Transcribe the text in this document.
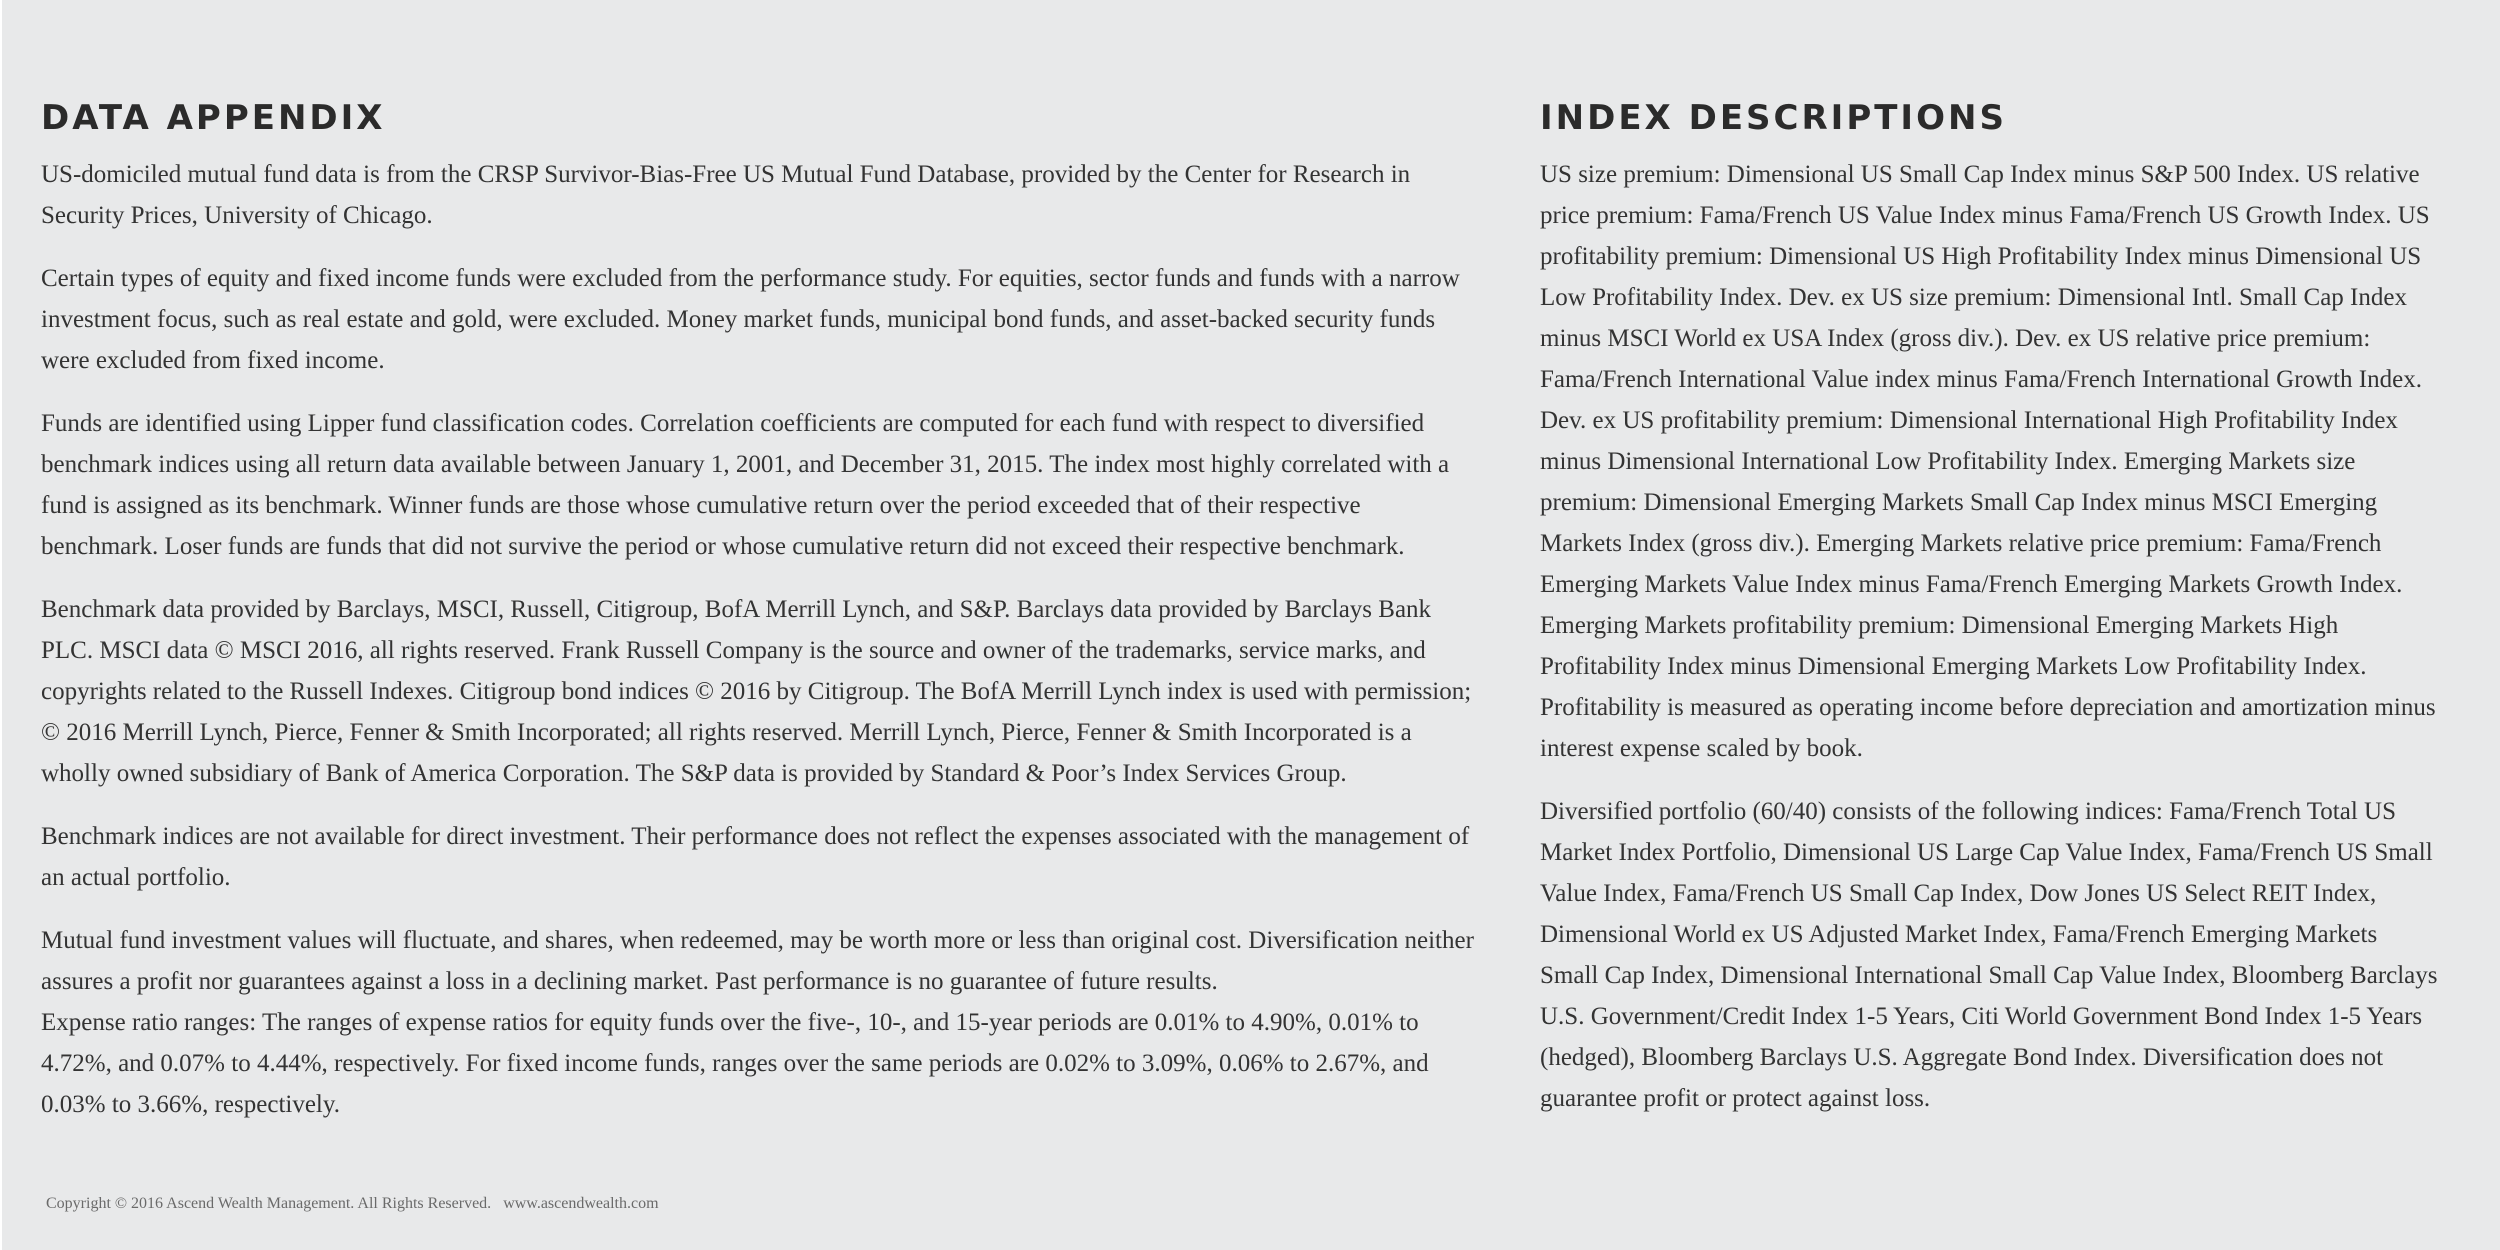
DATA APPENDIX

US-domiciled mutual fund data is from the CRSP Survivor-Bias-Free US Mutual Fund Database, provided by the Center for Research in Security Prices, University of Chicago.

Certain types of equity and fixed income funds were excluded from the performance study. For equities, sector funds and funds with a narrow investment focus, such as real estate and gold, were excluded. Money market funds, municipal bond funds, and asset-backed security funds were excluded from fixed income.

Funds are identified using Lipper fund classification codes. Correlation coefficients are computed for each fund with respect to diversified benchmark indices using all return data available between January 1, 2001, and December 31, 2015. The index most highly correlated with a fund is assigned as its benchmark. Winner funds are those whose cumulative return over the period exceeded that of their respective benchmark. Loser funds are funds that did not survive the period or whose cumulative return did not exceed their respective benchmark.

Benchmark data provided by Barclays, MSCI, Russell, Citigroup, BofA Merrill Lynch, and S&P. Barclays data provided by Barclays Bank PLC. MSCI data © MSCI 2016, all rights reserved. Frank Russell Company is the source and owner of the trademarks, service marks, and copyrights related to the Russell Indexes. Citigroup bond indices © 2016 by Citigroup. The BofA Merrill Lynch index is used with permission; © 2016 Merrill Lynch, Pierce, Fenner & Smith Incorporated; all rights reserved. Merrill Lynch, Pierce, Fenner & Smith Incorporated is a wholly owned subsidiary of Bank of America Corporation. The S&P data is provided by Standard & Poor’s Index Services Group.

Benchmark indices are not available for direct investment. Their performance does not reflect the expenses associated with the management of an actual portfolio.

Mutual fund investment values will fluctuate, and shares, when redeemed, may be worth more or less than original cost. Diversification neither assures a profit nor guarantees against a loss in a declining market. Past performance is no guarantee of future results.

Expense ratio ranges: The ranges of expense ratios for equity funds over the five-, 10-, and 15-year periods are 0.01% to 4.90%, 0.01% to 4.72%, and 0.07% to 4.44%, respectively. For fixed income funds, ranges over the same periods are 0.02% to 3.09%, 0.06% to 2.67%, and 0.03% to 3.66%, respectively.

INDEX DESCRIPTIONS

US size premium: Dimensional US Small Cap Index minus S&P 500 Index. US relative price premium: Fama/French US Value Index minus Fama/French US Growth Index. US profitability premium: Dimensional US High Profitability Index minus Dimensional US Low Profitability Index. Dev. ex US size premium: Dimensional Intl. Small Cap Index minus MSCI World ex USA Index (gross div.). Dev. ex US relative price premium: Fama/French International Value index minus Fama/French International Growth Index. Dev. ex US profitability premium: Dimensional International High Profitability Index minus Dimensional International Low Profitability Index. Emerging Markets size premium: Dimensional Emerging Markets Small Cap Index minus MSCI Emerging Markets Index (gross div.). Emerging Markets relative price premium: Fama/French Emerging Markets Value Index minus Fama/French Emerging Markets Growth Index. Emerging Markets profitability premium: Dimensional Emerging Markets High Profitability Index minus Dimensional Emerging Markets Low Profitability Index. Profitability is measured as operating income before depreciation and amortization minus interest expense scaled by book.

Diversified portfolio (60/40) consists of the following indices: Fama/French Total US Market Index Portfolio, Dimensional US Large Cap Value Index, Fama/French US Small Value Index, Fama/French US Small Cap Index, Dow Jones US Select REIT Index, Dimensional World ex US Adjusted Market Index, Fama/French Emerging Markets Small Cap Index, Dimensional International Small Cap Value Index, Bloomberg Barclays U.S. Government/Credit Index 1-5 Years, Citi World Government Bond Index 1-5 Years (hedged), Bloomberg Barclays U.S. Aggregate Bond Index. Diversification does not guarantee profit or protect against loss.

Copyright © 2016 Ascend Wealth Management. All Rights Reserved. www.ascendwealth.com
